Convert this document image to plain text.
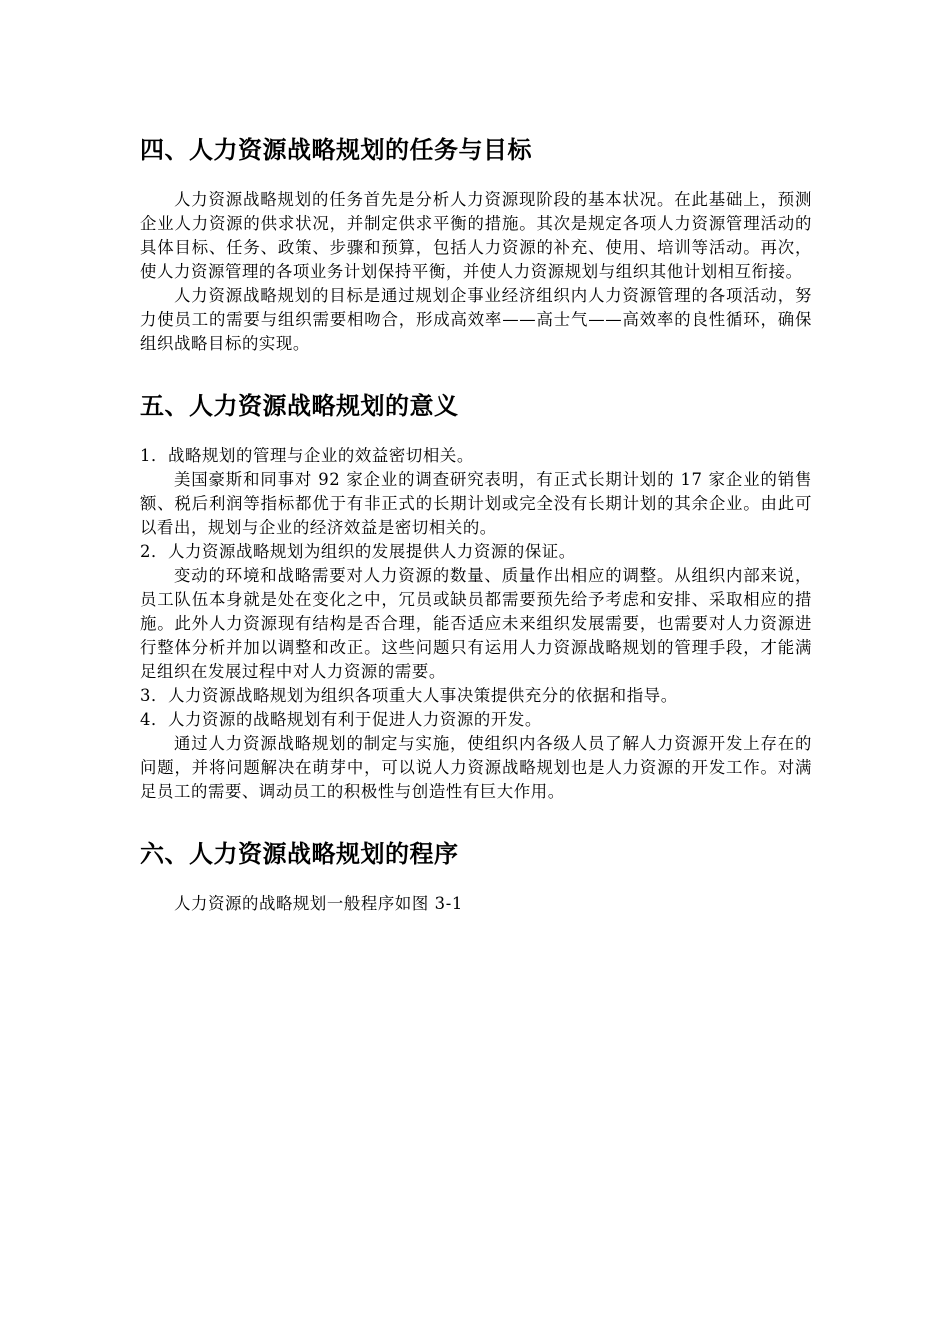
四、人力资源战略规划的任务与目标

人力资源战略规划的任务首先是分析人力资源现阶段的基本状况。在此基础上，预测企业人力资源的供求状况，并制定供求平衡的措施。其次是规定各项人力资源管理活动的具体目标、任务、政策、步骤和预算，包括人力资源的补充、使用、培训等活动。再次，使人力资源管理的各项业务计划保持平衡，并使人力资源规划与组织其他计划相互衔接。

人力资源战略规划的目标是通过规划企事业经济组织内人力资源管理的各项活动，努力使员工的需要与组织需要相吻合，形成高效率——高士气——高效率的良性循环，确保组织战略目标的实现。

五、人力资源战略规划的意义

1．战略规划的管理与企业的效益密切相关。

美国豪斯和同事对 92 家企业的调查研究表明，有正式长期计划的 17 家企业的销售额、税后利润等指标都优于有非正式的长期计划或完全没有长期计划的其余企业。由此可以看出，规划与企业的经济效益是密切相关的。

2．人力资源战略规划为组织的发展提供人力资源的保证。

变动的环境和战略需要对人力资源的数量、质量作出相应的调整。从组织内部来说，员工队伍本身就是处在变化之中，冗员或缺员都需要预先给予考虑和安排、采取相应的措施。此外人力资源现有结构是否合理，能否适应未来组织发展需要，也需要对人力资源进行整体分析并加以调整和改正。这些问题只有运用人力资源战略规划的管理手段，才能满足组织在发展过程中对人力资源的需要。

3．人力资源战略规划为组织各项重大人事决策提供充分的依据和指导。

4．人力资源的战略规划有利于促进人力资源的开发。

通过人力资源战略规划的制定与实施，使组织内各级人员了解人力资源开发上存在的问题，并将问题解决在萌芽中，可以说人力资源战略规划也是人力资源的开发工作。对满足员工的需要、调动员工的积极性与创造性有巨大作用。

六、人力资源战略规划的程序

人力资源的战略规划一般程序如图 3-1
